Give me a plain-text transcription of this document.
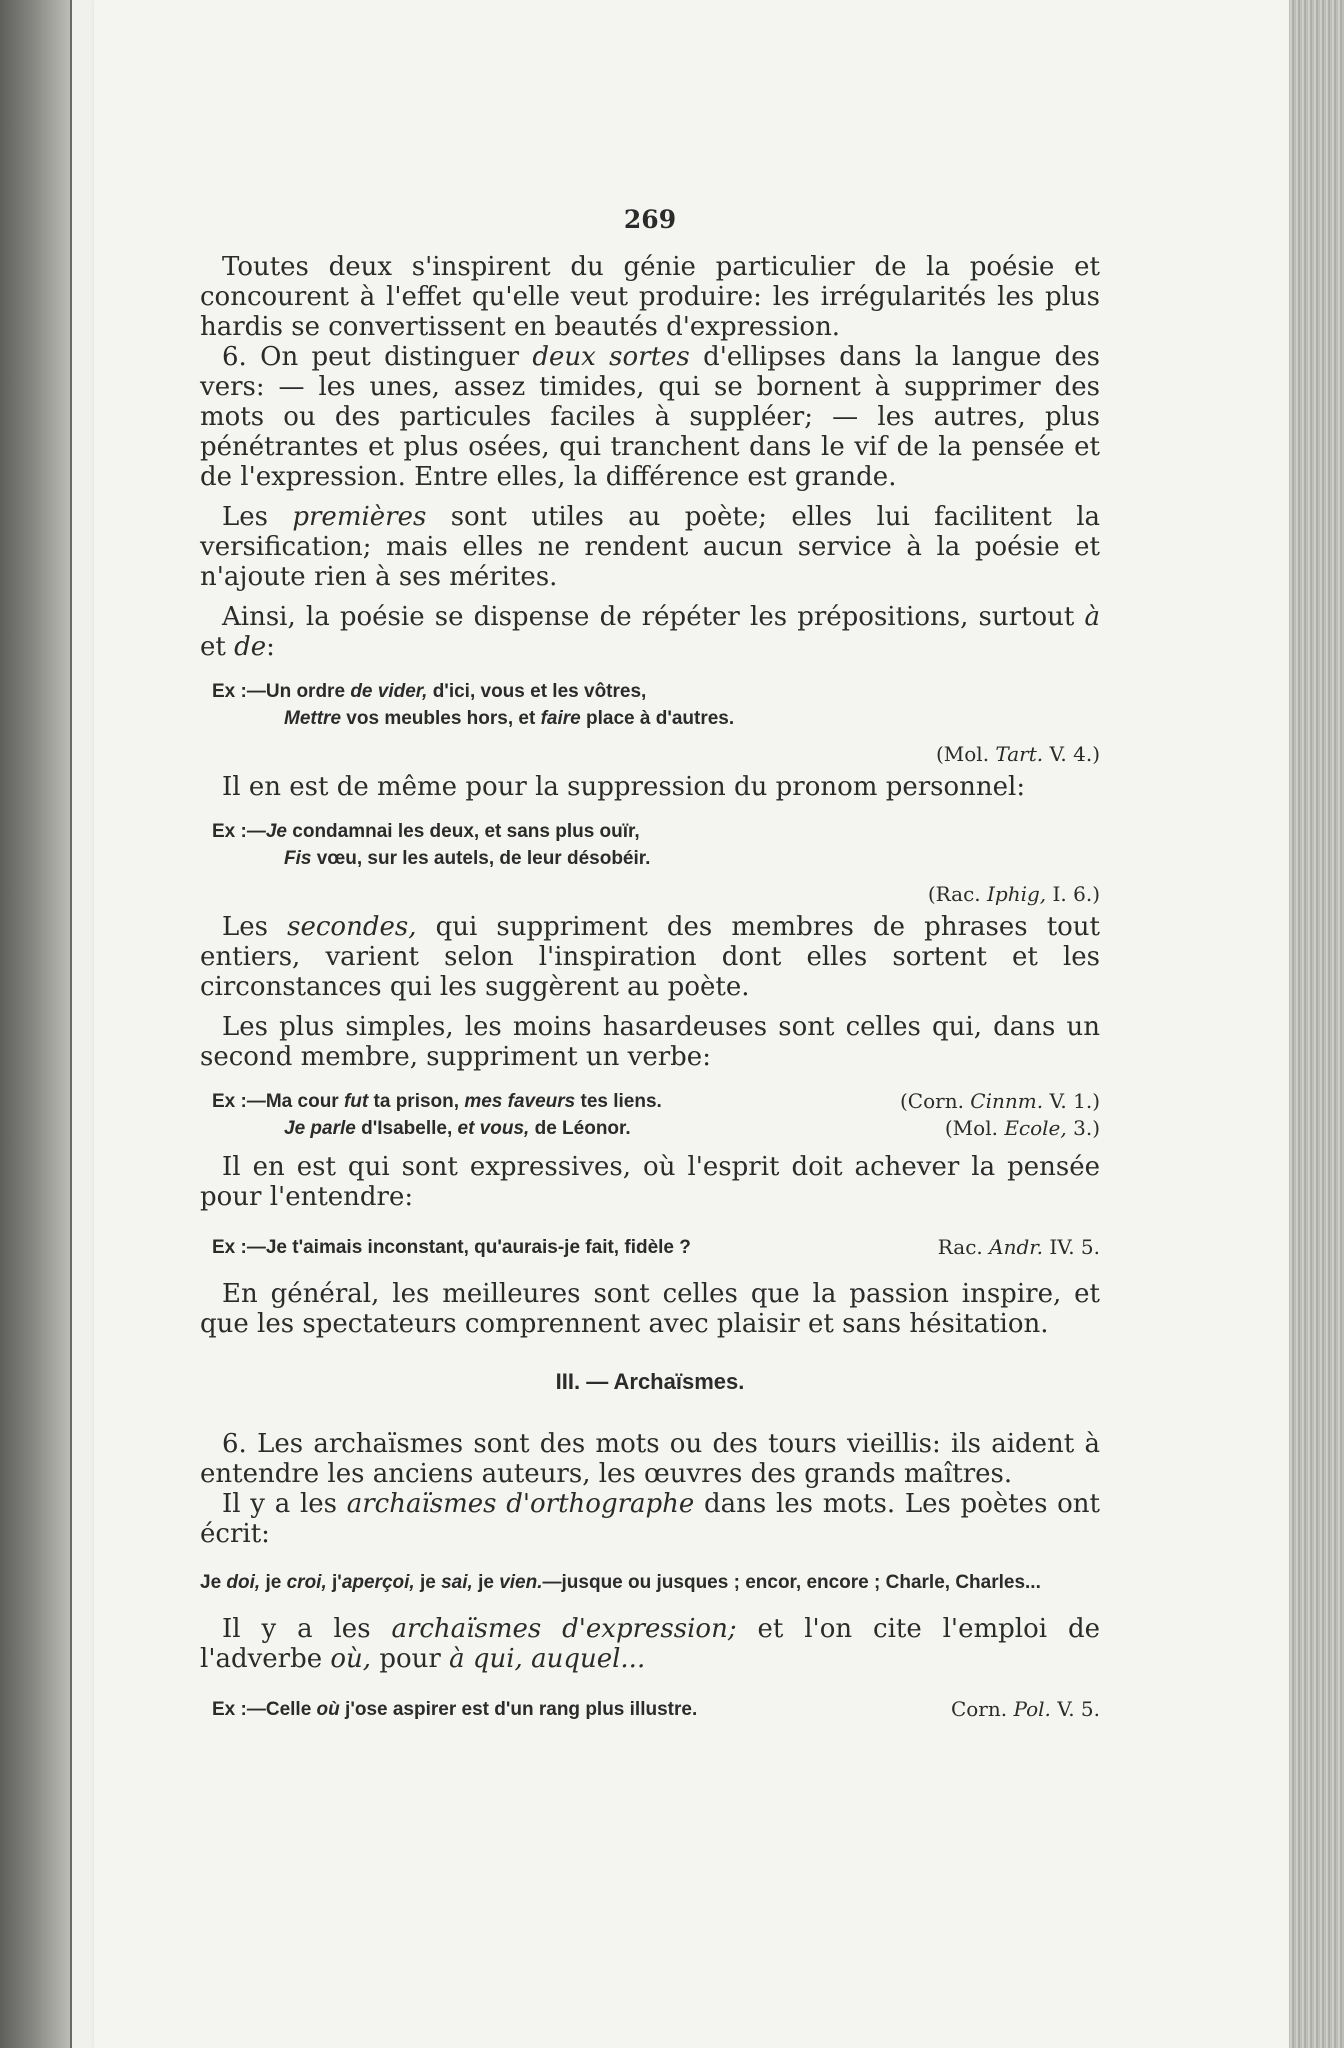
269

Toutes deux s'inspirent du génie particulier de la poésie et concourent à l'effet qu'elle veut produire: les irrégularités les plus hardis se convertissent en beautés d'expression.

6. On peut distinguer deux sortes d'ellipses dans la langue des vers: — les unes, assez timides, qui se bornent à supprimer des mots ou des particules faciles à suppléer; — les autres, plus pénétrantes et plus osées, qui tranchent dans le vif de la pensée et de l'expression. Entre elles, la différence est grande.

Les premières sont utiles au poète; elles lui facilitent la versification; mais elles ne rendent aucun service à la poésie et n'ajoute rien à ses mérites.

Ainsi, la poésie se dispense de répéter les prépositions, surtout à et de:

Ex :—Un ordre de vider, d'ici, vous et les vôtres,
Mettre vos meubles hors, et faire place à d'autres.
(Mol. Tart. V. 4.)

Il en est de même pour la suppression du pronom personnel:

Ex :—Je condamnai les deux, et sans plus ouïr,
Fis vœu, sur les autels, de leur désobéir.
(Rac. Iphig, I. 6.)

Les secondes, qui suppriment des membres de phrases tout entiers, varient selon l'inspiration dont elles sortent et les circonstances qui les suggèrent au poète.

Les plus simples, les moins hasardeuses sont celles qui, dans un second membre, suppriment un verbe:

Ex :—Ma cour fut ta prison, mes faveurs tes liens.	(Corn. Cinnm. V. 1.)
Je parle d'Isabelle, et vous, de Léonor.	(Mol. Ecole, 3.)

Il en est qui sont expressives, où l'esprit doit achever la pensée pour l'entendre:

Ex :—Je t'aimais inconstant, qu'aurais-je fait, fidèle ?	Rac. Andr. IV. 5.

En général, les meilleures sont celles que la passion inspire, et que les spectateurs comprennent avec plaisir et sans hésitation.

III. — Archaïsmes.

6. Les archaïsmes sont des mots ou des tours vieillis: ils aident à entendre les anciens auteurs, les œuvres des grands maîtres.

Il y a les archaïsmes d'orthographe dans les mots. Les poètes ont écrit:

Je doi, je croi, j'aperçoi, je sai, je vien.—jusque ou jusques ; encor, encore ; Charle, Charles...

Il y a les archaïsmes d'expression; et l'on cite l'emploi de l'adverbe où, pour à qui, auquel...

Ex :—Celle où j'ose aspirer est d'un rang plus illustre.	Corn. Pol. V. 5.
